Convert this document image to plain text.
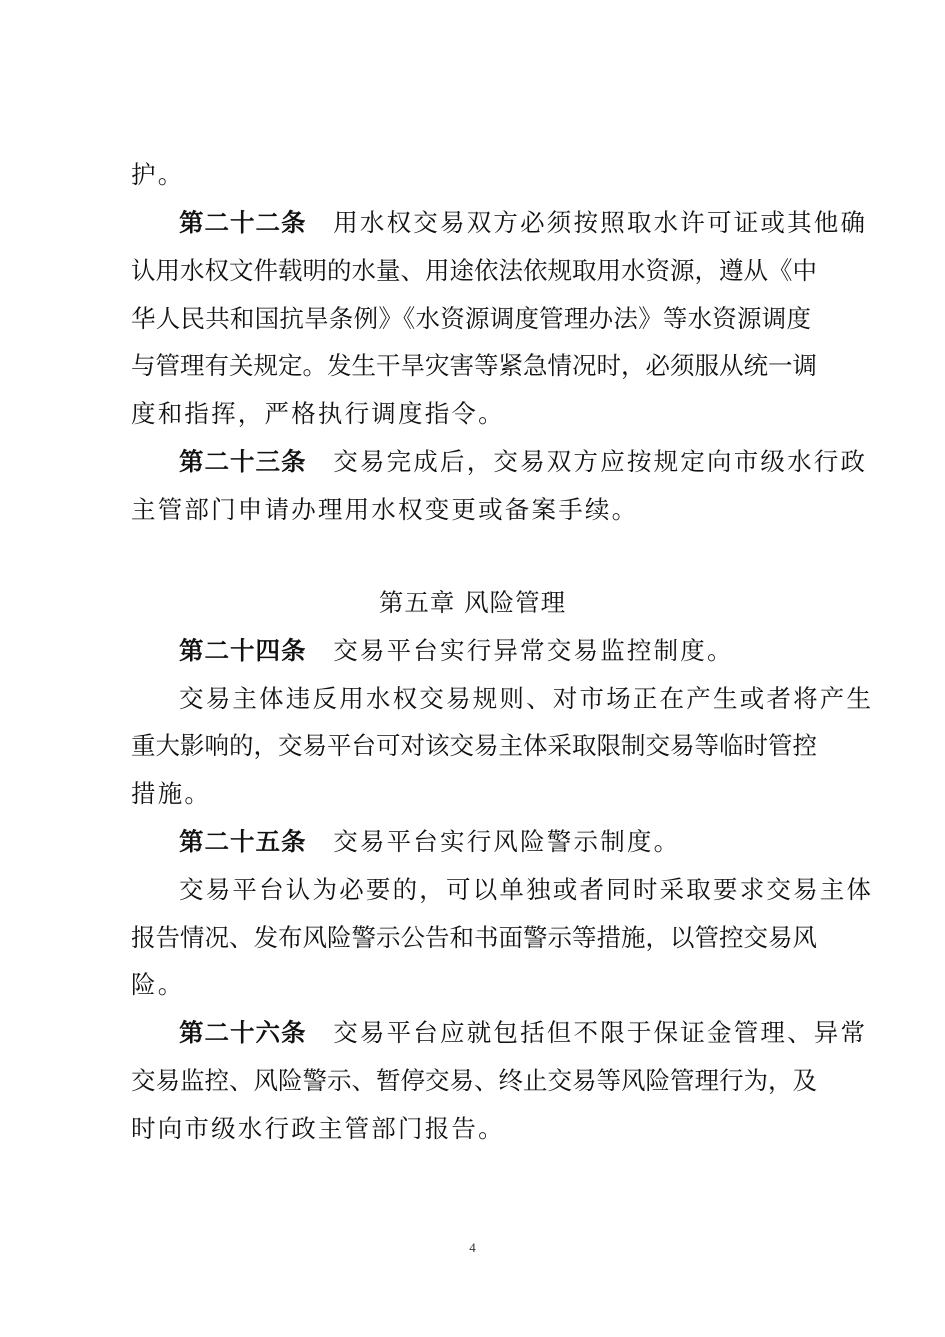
护。
第二十二条　 用水权交易双方必须按照取水许可证或其他确
认用水权文件载明的水量、用途依法依规取用水资源，遵从《中
华人民共和国抗旱条例》《水资源调度管理办法》等水资源调度
与管理有关规定。发生干旱灾害等紧急情况时，必须服从统一调
度和指挥，严格执行调度指令。
第二十三条　 交易完成后，交易双方应按规定向市级水行政
主管部门申请办理用水权变更或备案手续。
第五章 风险管理
第二十四条　 交易平台实行异常交易监控制度。
交易主体违反用水权交易规则、对市场正在产生或者将产生
重大影响的，交易平台可对该交易主体采取限制交易等临时管控
措施。
第二十五条　 交易平台实行风险警示制度。
交易平台认为必要的，可以单独或者同时采取要求交易主体
报告情况、发布风险警示公告和书面警示等措施，以管控交易风
险。
第二十六条　 交易平台应就包括但不限于保证金管理、异常
交易监控、风险警示、暂停交易、终止交易等风险管理行为，及
时向市级水行政主管部门报告。
4
